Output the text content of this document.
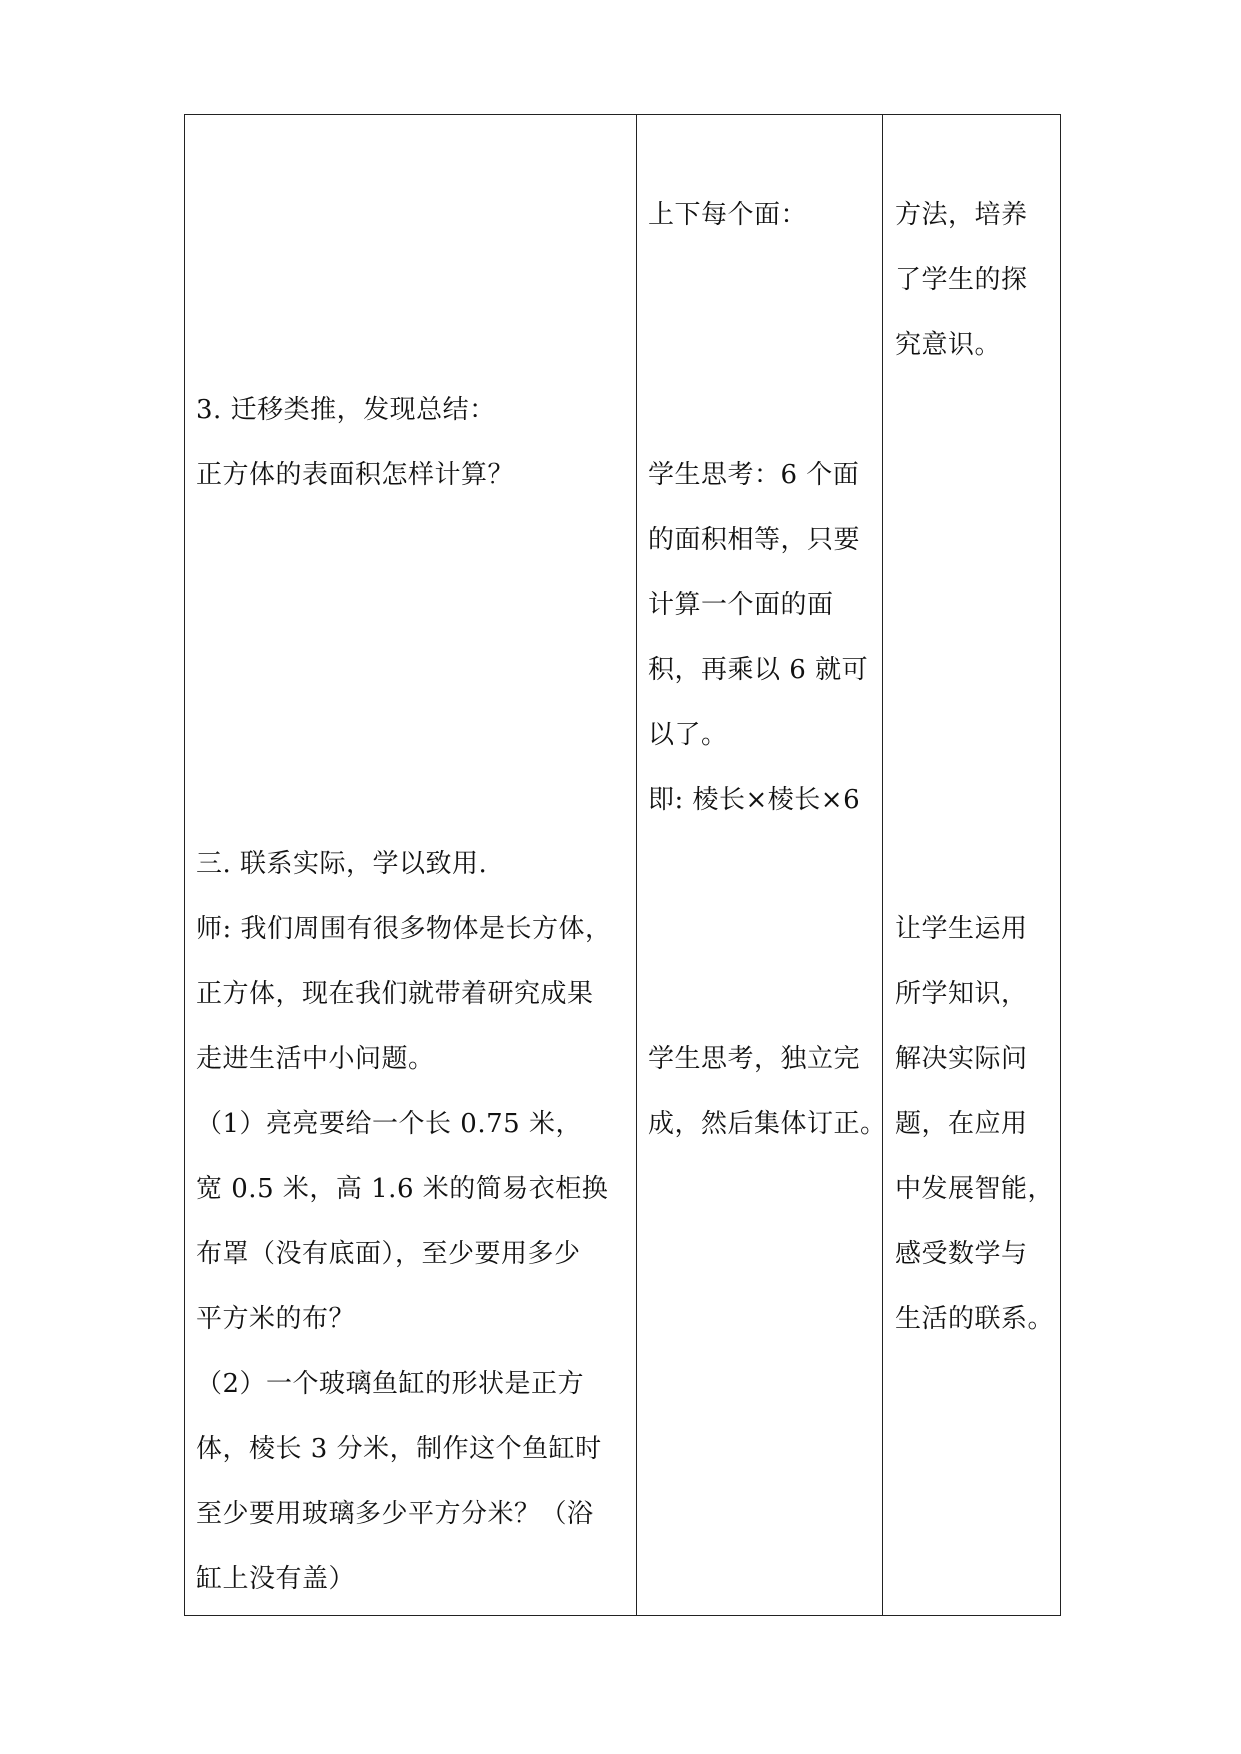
3. 迁移类推，发现总结：
正方体的表面积怎样计算？
三. 联系实际，学以致用.
师: 我们周围有很多物体是长方体，
正方体，现在我们就带着研究成果
走进生活中小问题。
（1）亮亮要给一个长 0.75 米，
宽 0.5 米，高 1.6 米的简易衣柜换
布罩（没有底面），至少要用多少
平方米的布？
（2）一个玻璃鱼缸的形状是正方
体，棱长 3 分米，制作这个鱼缸时
至少要用玻璃多少平方分米？（浴
缸上没有盖）
上下每个面：
学生思考：6 个面
的面积相等，只要
计算一个面的面
积，再乘以 6 就可
以了。
即: 棱长×棱长×6
学生思考，独立完
成，然后集体订正。
方法，培养
了学生的探
究意识。
让学生运用
所学知识，
解决实际问
题，在应用
中发展智能，
感受数学与
生活的联系。
